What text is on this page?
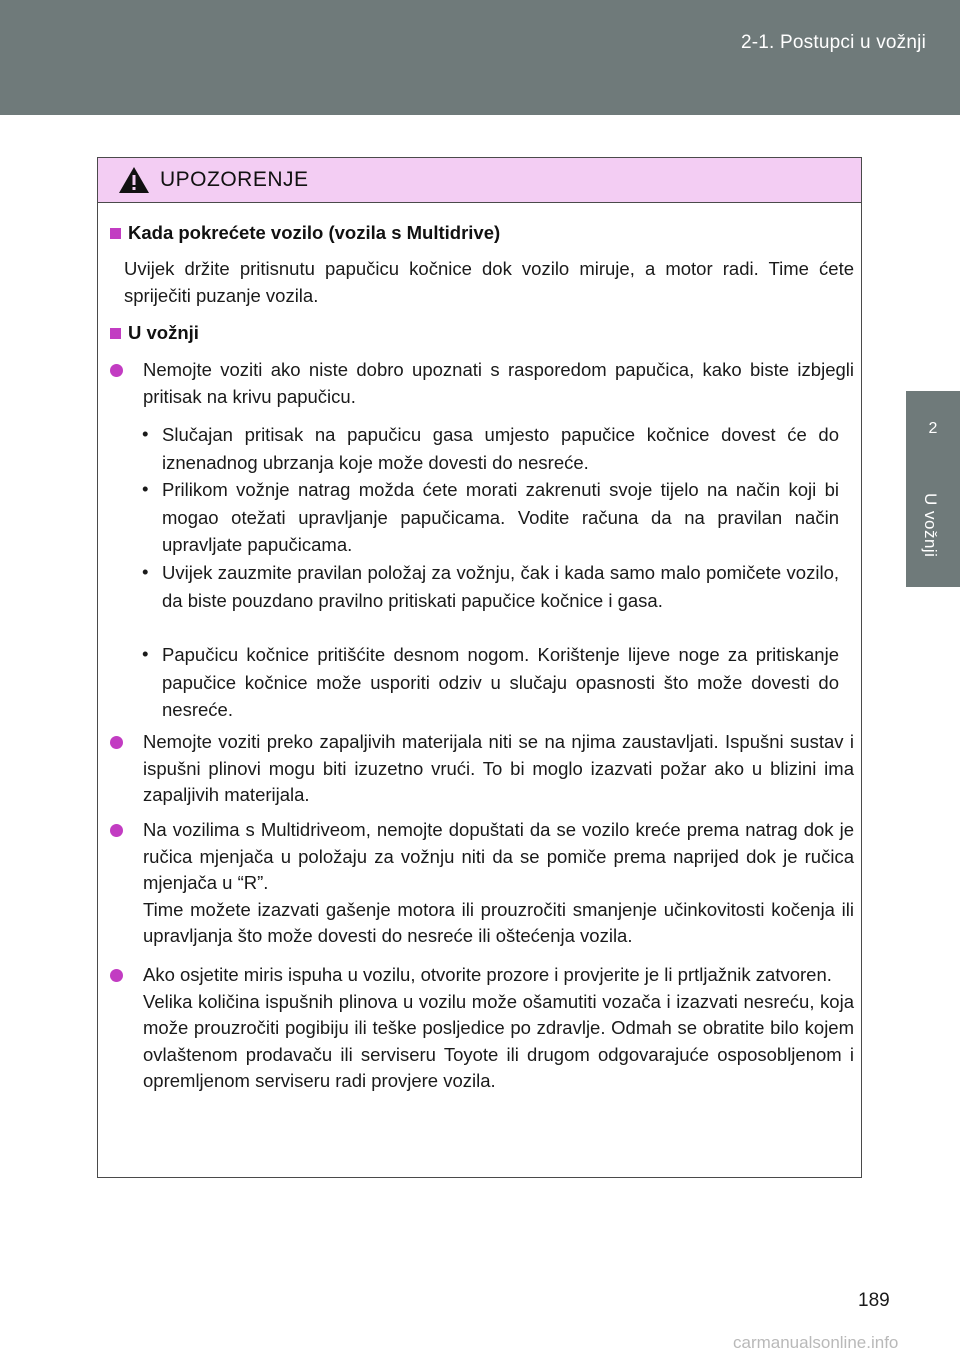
2-1. Postupci u vožnji
2
U vožnji
UPOZORENJE
Kada pokrećete vozilo (vozila s Multidrive)
Uvijek držite pritisnutu papučicu kočnice dok vozilo miruje, a motor radi. Time ćete spriječiti puzanje vozila.
U vožnji
Nemojte voziti ako niste dobro upoznati s rasporedom papučica, kako biste izbjegli pritisak na krivu papučicu.
• Slučajan pritisak na papučicu gasa umjesto papučice kočnice dovest će do iznenadnog ubrzanja koje može dovesti do nesreće.
• Prilikom vožnje natrag možda ćete morati zakrenuti svoje tijelo na način koji bi mogao otežati upravljanje papučicama. Vodite računa da na pravilan način upravljate papučicama.
• Uvijek zauzmite pravilan položaj za vožnju, čak i kada samo malo pomičete vozilo, da biste pouzdano pravilno pritiskati papučice kočnice i gasa.
• Papučicu kočnice pritišćite desnom nogom. Korištenje lijeve noge za pritiskanje papučice kočnice može usporiti odziv u slučaju opasnosti što može dovesti do nesreće.
Nemojte voziti preko zapaljivih materijala niti se na njima zaustavljati. Ispušni sustav i ispušni plinovi mogu biti izuzetno vrući. To bi moglo izazvati požar ako u blizini ima zapaljivih materijala.
Na vozilima s Multidriveom, nemojte dopuštati da se vozilo kreće prema natrag dok je ručica mjenjača u položaju za vožnju niti da se pomiče prema naprijed dok je ručica mjenjača u “R”.
Time možete izazvati gašenje motora ili prouzročiti smanjenje učinkovitosti kočenja ili upravljanja što može dovesti do nesreće ili oštećenja vozila.
Ako osjetite miris ispuha u vozilu, otvorite prozore i provjerite je li prtljažnik zatvoren.
Velika količina ispušnih plinova u vozilu može ošamutiti vozača i izazvati nesreću, koja može prouzročiti pogibiju ili teške posljedice po zdravlje. Odmah se obratite bilo kojem ovlaštenom prodavaču ili serviseru Toyote ili drugom odgovarajuće osposobljenom i opremljenom serviseru radi provjere vozila.
189
carmanualsonline.info
